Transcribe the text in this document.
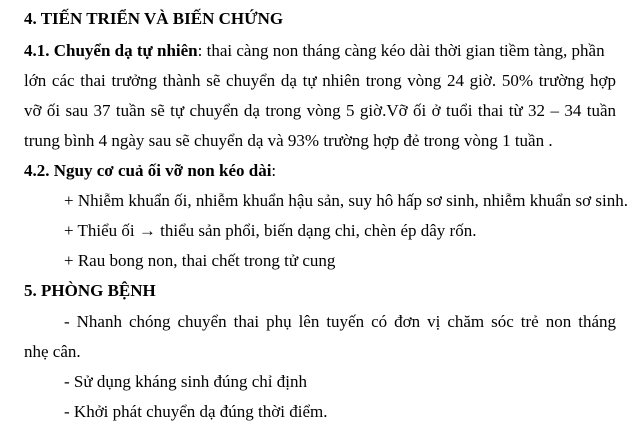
4. TIẾN TRIỂN VÀ BIẾN CHỨNG
4.1. Chuyển dạ tự nhiên: thai càng non tháng càng kéo dài thời gian tiềm tàng, phần
lớn các thai trưởng thành sẽ chuyển dạ tự nhiên trong vòng 24 giờ. 50% trường hợp
vỡ ối sau 37 tuần sẽ tự chuyển dạ trong vòng 5 giờ.Vỡ ối ở tuổi thai từ 32 – 34 tuần
trung bình 4 ngày sau sẽ chuyển dạ và 93% trường hợp đẻ trong vòng 1 tuần .
4.2. Nguy cơ cuả ối vỡ non kéo dài:
+ Nhiễm khuẩn ối, nhiễm khuẩn hậu sản, suy hô hấp sơ sinh, nhiễm khuẩn sơ sinh.
+ Thiểu ối → thiểu sản phổi, biến dạng chi, chèn ép dây rốn.
+ Rau bong non, thai chết trong tử cung
5. PHÒNG BỆNH
- Nhanh chóng chuyển thai phụ lên tuyến có đơn vị chăm sóc trẻ non tháng
nhẹ cân.
- Sử dụng kháng sinh đúng chỉ định
- Khởi phát chuyển dạ đúng thời điểm.
